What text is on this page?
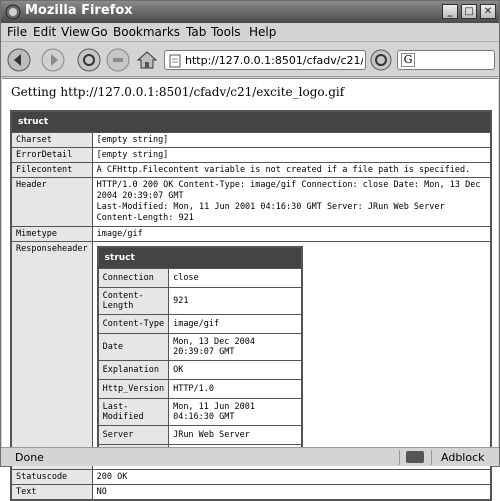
Mozilla Firefox	_	□	✕
File Edit View Go Bookmarks Tab Tools Help
http://127.0.0.1:8501/cfadv/c21/ge
G
Getting http://127.0.0.1:8501/cfadv/c21/excite_logo.gif
struct
Charset	[empty string]
ErrorDetail	[empty string]
Filecontent	A CFHttp.Filecontent variable is not created if a file path is specified.
Header	HTTP/1.0 200 OK Content-Type: image/gif Connection: close Date: Mon, 13 Dec 2004 20:39:07 GMT
Last-Modified: Mon, 11 Jun 2001 04:16:30 GMT Server: JRun Web Server Content-Length: 921

Mimetype	image/gif
Responseheader	
struct
Connection	close
Content-Length	921
Content-Type	image/gif
Date	Mon, 13 Dec 2004 20:39:07 GMT
Explanation	OK
Http_Version	HTTP/1.0
Last-Modified	Mon, 11 Jun 2001 04:16:30 GMT
Server	JRun Web Server

Statuscode	200 OK
Text	NO
Done	Adblock
